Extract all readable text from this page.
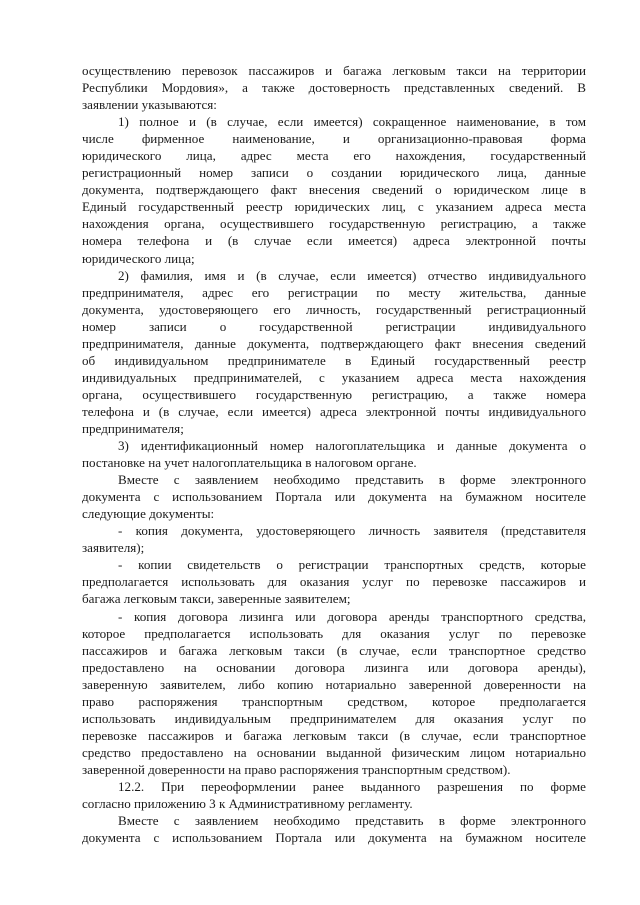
осуществлению перевозок пассажиров и багажа легковым такси на территории
Республики Мордовия», а также достоверность представленных сведений. В
заявлении указываются:
1) полное и (в случае, если имеется) сокращенное наименование, в том
числе фирменное наименование, и организационно-правовая форма
юридического лица, адрес места его нахождения, государственный
регистрационный номер записи о создании юридического лица, данные
документа, подтверждающего факт внесения сведений о юридическом лице в
Единый государственный реестр юридических лиц, с указанием адреса места
нахождения органа, осуществившего государственную регистрацию, а также
номера телефона и (в случае если имеется) адреса электронной почты
юридического лица;
2) фамилия, имя и (в случае, если имеется) отчество индивидуального
предпринимателя, адрес его регистрации по месту жительства, данные
документа, удостоверяющего его личность, государственный регистрационный
номер записи о государственной регистрации индивидуального
предпринимателя, данные документа, подтверждающего факт внесения сведений
об индивидуальном предпринимателе в Единый государственный реестр
индивидуальных предпринимателей, с указанием адреса места нахождения
органа, осуществившего государственную регистрацию, а также номера
телефона и (в случае, если имеется) адреса электронной почты индивидуального
предпринимателя;
3) идентификационный номер налогоплательщика и данные документа о
постановке на учет налогоплательщика в налоговом органе.
Вместе с заявлением необходимо представить в форме электронного
документа с использованием Портала или документа на бумажном носителе
следующие документы:
- копия документа, удостоверяющего личность заявителя (представителя
заявителя);
- копии свидетельств о регистрации транспортных средств, которые
предполагается использовать для оказания услуг по перевозке пассажиров и
багажа легковым такси, заверенные заявителем;
- копия договора лизинга или договора аренды транспортного средства,
которое предполагается использовать для оказания услуг по перевозке
пассажиров и багажа легковым такси (в случае, если транспортное средство
предоставлено на основании договора лизинга или договора аренды),
заверенную заявителем, либо копию нотариально заверенной доверенности на
право распоряжения транспортным средством, которое предполагается
использовать индивидуальным предпринимателем для оказания услуг по
перевозке пассажиров и багажа легковым такси (в случае, если транспортное
средство предоставлено на основании выданной физическим лицом нотариально
заверенной доверенности на право распоряжения транспортным средством).
12.2. При переоформлении ранее выданного разрешения по форме
согласно приложению 3 к Административному регламенту.
Вместе с заявлением необходимо представить в форме электронного
документа с использованием Портала или документа на бумажном носителе
